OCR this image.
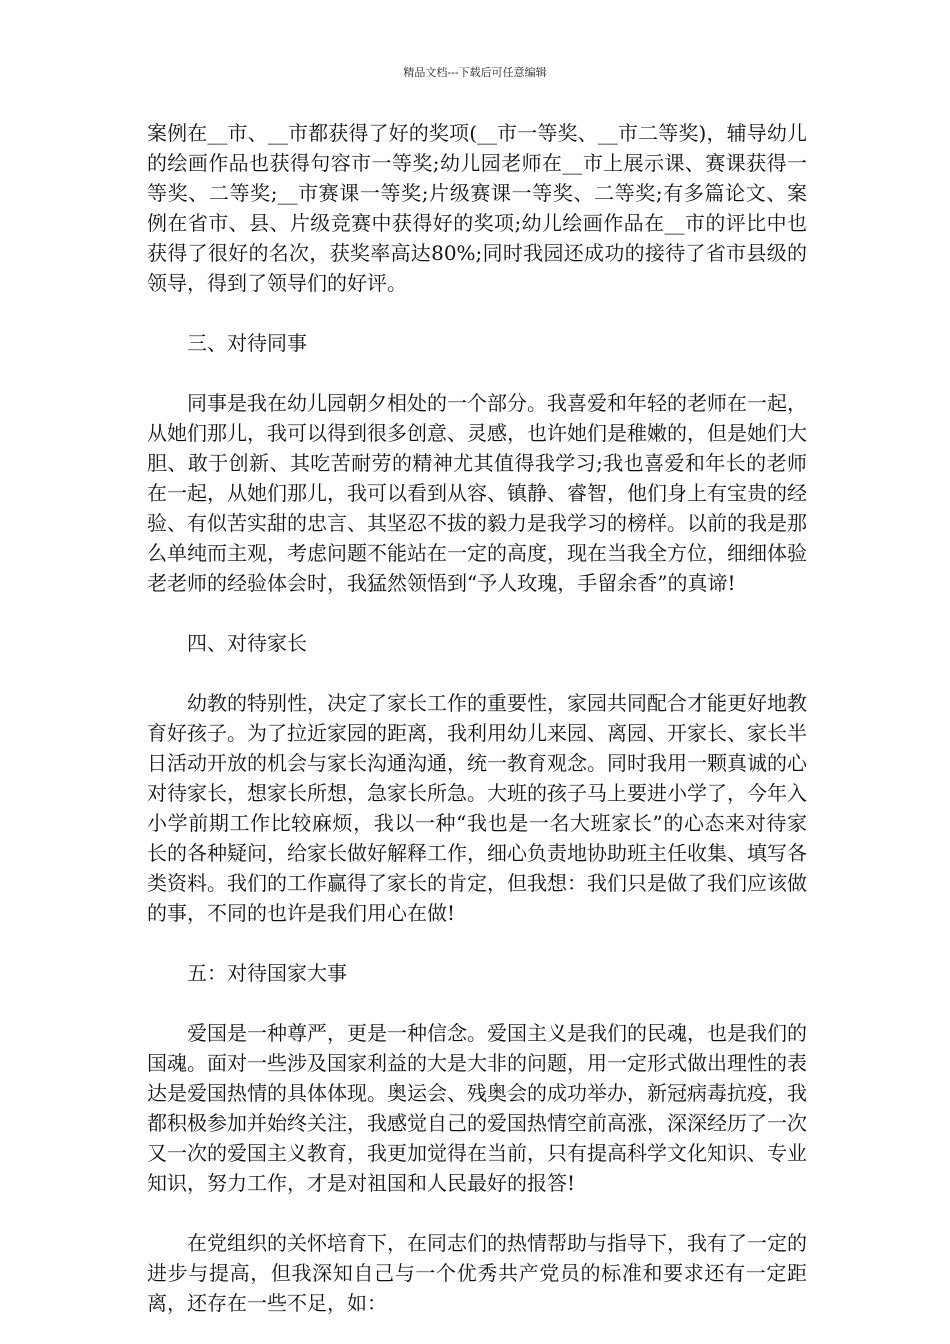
精品文档---下载后可任意编辑

案例在__市、__市都获得了好的奖项(__市一等奖、__市二等奖)，辅导幼儿的绘画作品也获得句容市一等奖;幼儿园老师在__市上展示课、赛课获得一等奖、二等奖;__市赛课一等奖;片级赛课一等奖、二等奖;有多篇论文、案例在省市、县、片级竞赛中获得好的奖项;幼儿绘画作品在__市的评比中也获得了很好的名次，获奖率高达80%;同时我园还成功的接待了省市县级的领导，得到了领导们的好评。

三、对待同事

同事是我在幼儿园朝夕相处的一个部分。我喜爱和年轻的老师在一起，从她们那儿，我可以得到很多创意、灵感，也许她们是稚嫩的，但是她们大胆、敢于创新、其吃苦耐劳的精神尤其值得我学习;我也喜爱和年长的老师在一起，从她们那儿，我可以看到从容、镇静、睿智，他们身上有宝贵的经验、有似苦实甜的忠言、其坚忍不拔的毅力是我学习的榜样。以前的我是那么单纯而主观，考虑问题不能站在一定的高度，现在当我全方位，细细体验老老师的经验体会时，我猛然领悟到“予人玫瑰，手留余香”的真谛!

四、对待家长

幼教的特别性，决定了家长工作的重要性，家园共同配合才能更好地教育好孩子。为了拉近家园的距离，我利用幼儿来园、离园、开家长、家长半日活动开放的机会与家长沟通沟通，统一教育观念。同时我用一颗真诚的心对待家长，想家长所想，急家长所急。大班的孩子马上要进小学了，今年入小学前期工作比较麻烦，我以一种“我也是一名大班家长”的心态来对待家长的各种疑问，给家长做好解释工作，细心负责地协助班主任收集、填写各类资料。我们的工作赢得了家长的肯定，但我想：我们只是做了我们应该做的事，不同的也许是我们用心在做!

五：对待国家大事

爱国是一种尊严，更是一种信念。爱国主义是我们的民魂，也是我们的国魂。面对一些涉及国家利益的大是大非的问题，用一定形式做出理性的表达是爱国热情的具体体现。奥运会、残奥会的成功举办，新冠病毒抗疫，我都积极参加并始终关注，我感觉自己的爱国热情空前高涨，深深经历了一次又一次的爱国主义教育，我更加觉得在当前，只有提高科学文化知识、专业知识，努力工作，才是对祖国和人民最好的报答!

在党组织的关怀培育下，在同志们的热情帮助与指导下，我有了一定的进步与提高，但我深知自己与一个优秀共产党员的标准和要求还有一定距离，还存在一些不足，如：
